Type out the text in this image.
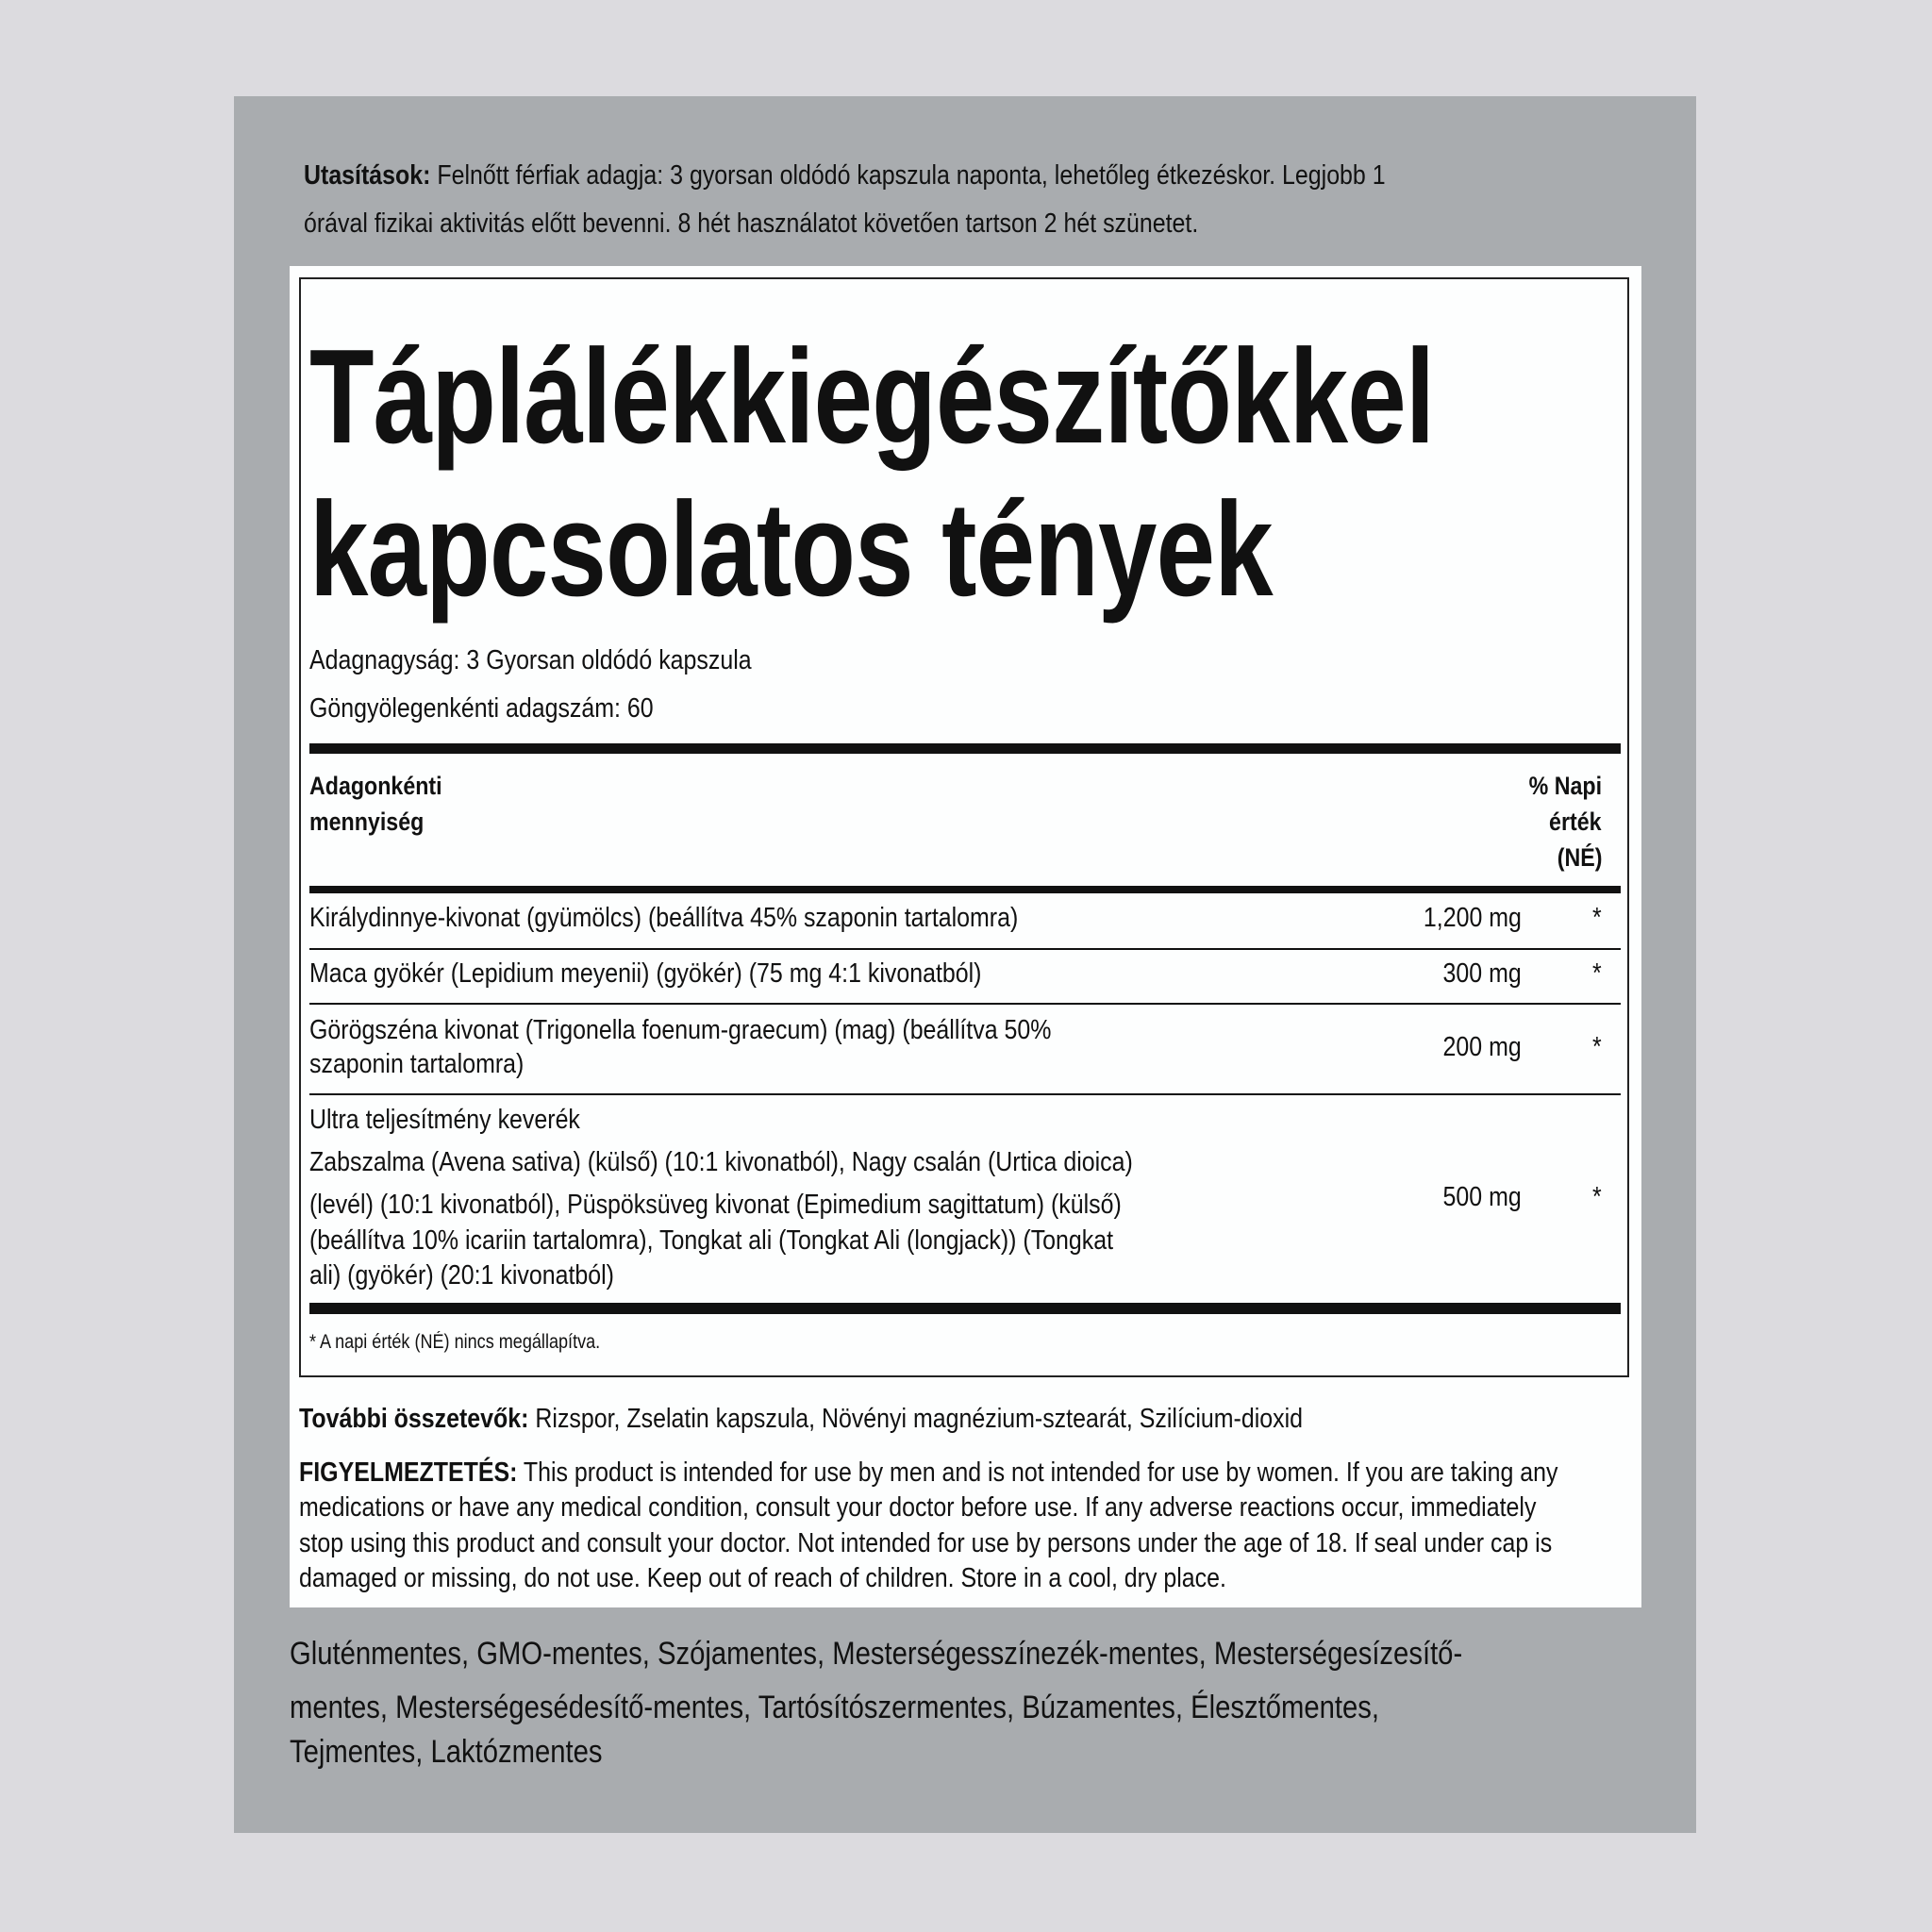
Utasítások: Felnőtt férfiak adagja: 3 gyorsan oldódó kapszula naponta, lehetőleg étkezéskor. Legjobb 1
órával fizikai aktivitás előtt bevenni. 8 hét használatot követően tartson 2 hét szünetet.
Táplálékkiegészítőkkel
kapcsolatos tények
Adagnagyság: 3 Gyorsan oldódó kapszula
Göngyölegenkénti adagszám: 60
Adagonkénti
mennyiség
% Napi
érték
(NÉ)
Királydinnye-kivonat (gyümölcs) (beállítva 45% szaponin tartalomra)	1,200 mg	*
Maca gyökér (Lepidium meyenii) (gyökér) (75 mg 4:1 kivonatból)	300 mg	*
Görögszéna kivonat (Trigonella foenum-graecum) (mag) (beállítva 50%
szaponin tartalomra)
200 mg	*
Ultra teljesítmény keverék
Zabszalma (Avena sativa) (külső) (10:1 kivonatból), Nagy csalán (Urtica dioica)
(levél) (10:1 kivonatból), Püspöksüveg kivonat (Epimedium sagittatum) (külső)
(beállítva 10% icariin tartalomra), Tongkat ali (Tongkat Ali (longjack)) (Tongkat
ali) (gyökér) (20:1 kivonatból)
500 mg	*
* A napi érték (NÉ) nincs megállapítva.
További összetevők: Rizspor, Zselatin kapszula, Növényi magnézium-sztearát, Szilícium-dioxid
FIGYELMEZTETÉS: This product is intended for use by men and is not intended for use by women. If you are taking any
medications or have any medical condition, consult your doctor before use. If any adverse reactions occur, immediately
stop using this product and consult your doctor. Not intended for use by persons under the age of 18. If seal under cap is
damaged or missing, do not use. Keep out of reach of children. Store in a cool, dry place.
Gluténmentes, GMO-mentes, Szójamentes, Mesterségesszínezék-mentes, Mesterségesízesítő-
mentes, Mesterségesédesítő-mentes, Tartósítószermentes, Búzamentes, Élesztőmentes,
Tejmentes, Laktózmentes
